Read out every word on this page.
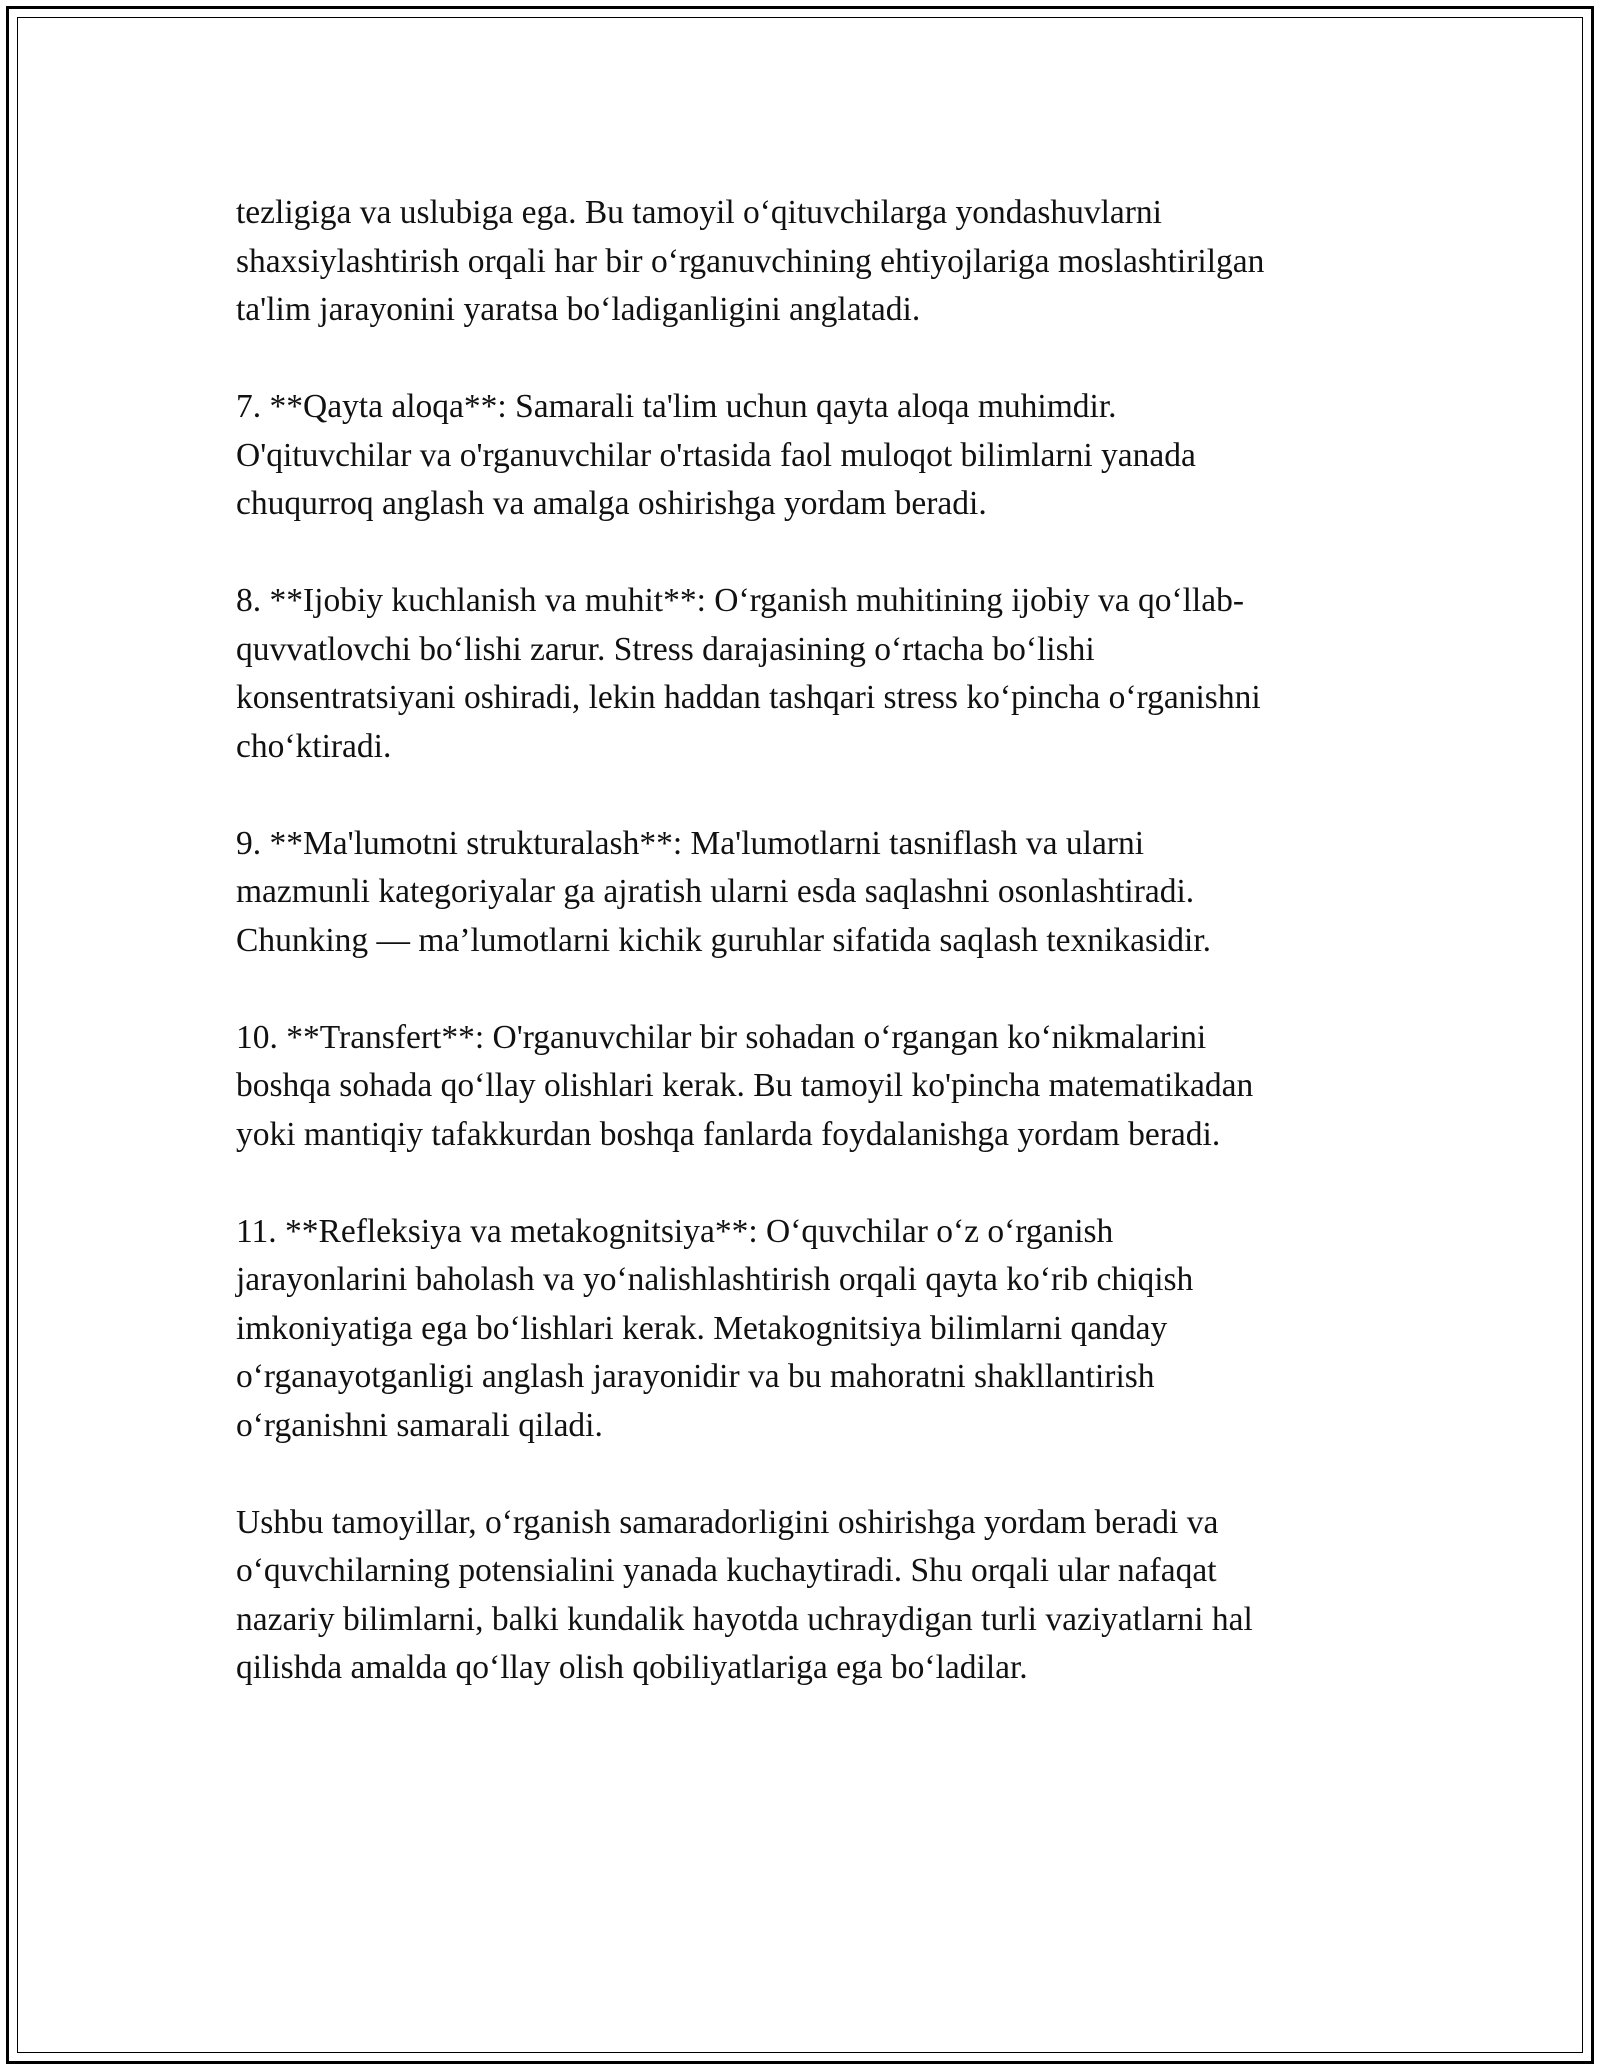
tezligiga va uslubiga ega. Bu tamoyil o‘qituvchilarga yondashuvlarni
shaxsiylashtirish orqali har bir o‘rganuvchining ehtiyojlariga moslashtirilgan
ta'lim jarayonini yaratsa bo‘ladiganligini anglatadi.

7. **Qayta aloqa**: Samarali ta'lim uchun qayta aloqa muhimdir.
O'qituvchilar va o'rganuvchilar o'rtasida faol muloqot bilimlarni yanada
chuqurroq anglash va amalga oshirishga yordam beradi.

8. **Ijobiy kuchlanish va muhit**: O‘rganish muhitining ijobiy va qo‘llab-
quvvatlovchi bo‘lishi zarur. Stress darajasining o‘rtacha bo‘lishi
konsentratsiyani oshiradi, lekin haddan tashqari stress ko‘pincha o‘rganishni
cho‘ktiradi.

9. **Ma'lumotni strukturalash**: Ma'lumotlarni tasniflash va ularni
mazmunli kategoriyalar ga ajratish ularni esda saqlashni osonlashtiradi.
Chunking — ma’lumotlarni kichik guruhlar sifatida saqlash texnikasidir.

10. **Transfert**: O'rganuvchilar bir sohadan o‘rgangan ko‘nikmalarini
boshqa sohada qo‘llay olishlari kerak. Bu tamoyil ko'pincha matematikadan
yoki mantiqiy tafakkurdan boshqa fanlarda foydalanishga yordam beradi.

11. **Refleksiya va metakognitsiya**: O‘quvchilar o‘z o‘rganish
jarayonlarini baholash va yo‘nalishlashtirish orqali qayta ko‘rib chiqish
imkoniyatiga ega bo‘lishlari kerak. Metakognitsiya bilimlarni qanday
o‘rganayotganligi anglash jarayonidir va bu mahoratni shakllantirish
o‘rganishni samarali qiladi.

Ushbu tamoyillar, o‘rganish samaradorligini oshirishga yordam beradi va
o‘quvchilarning potensialini yanada kuchaytiradi. Shu orqali ular nafaqat
nazariy bilimlarni, balki kundalik hayotda uchraydigan turli vaziyatlarni hal
qilishda amalda qo‘llay olish qobiliyatlariga ega bo‘ladilar.
